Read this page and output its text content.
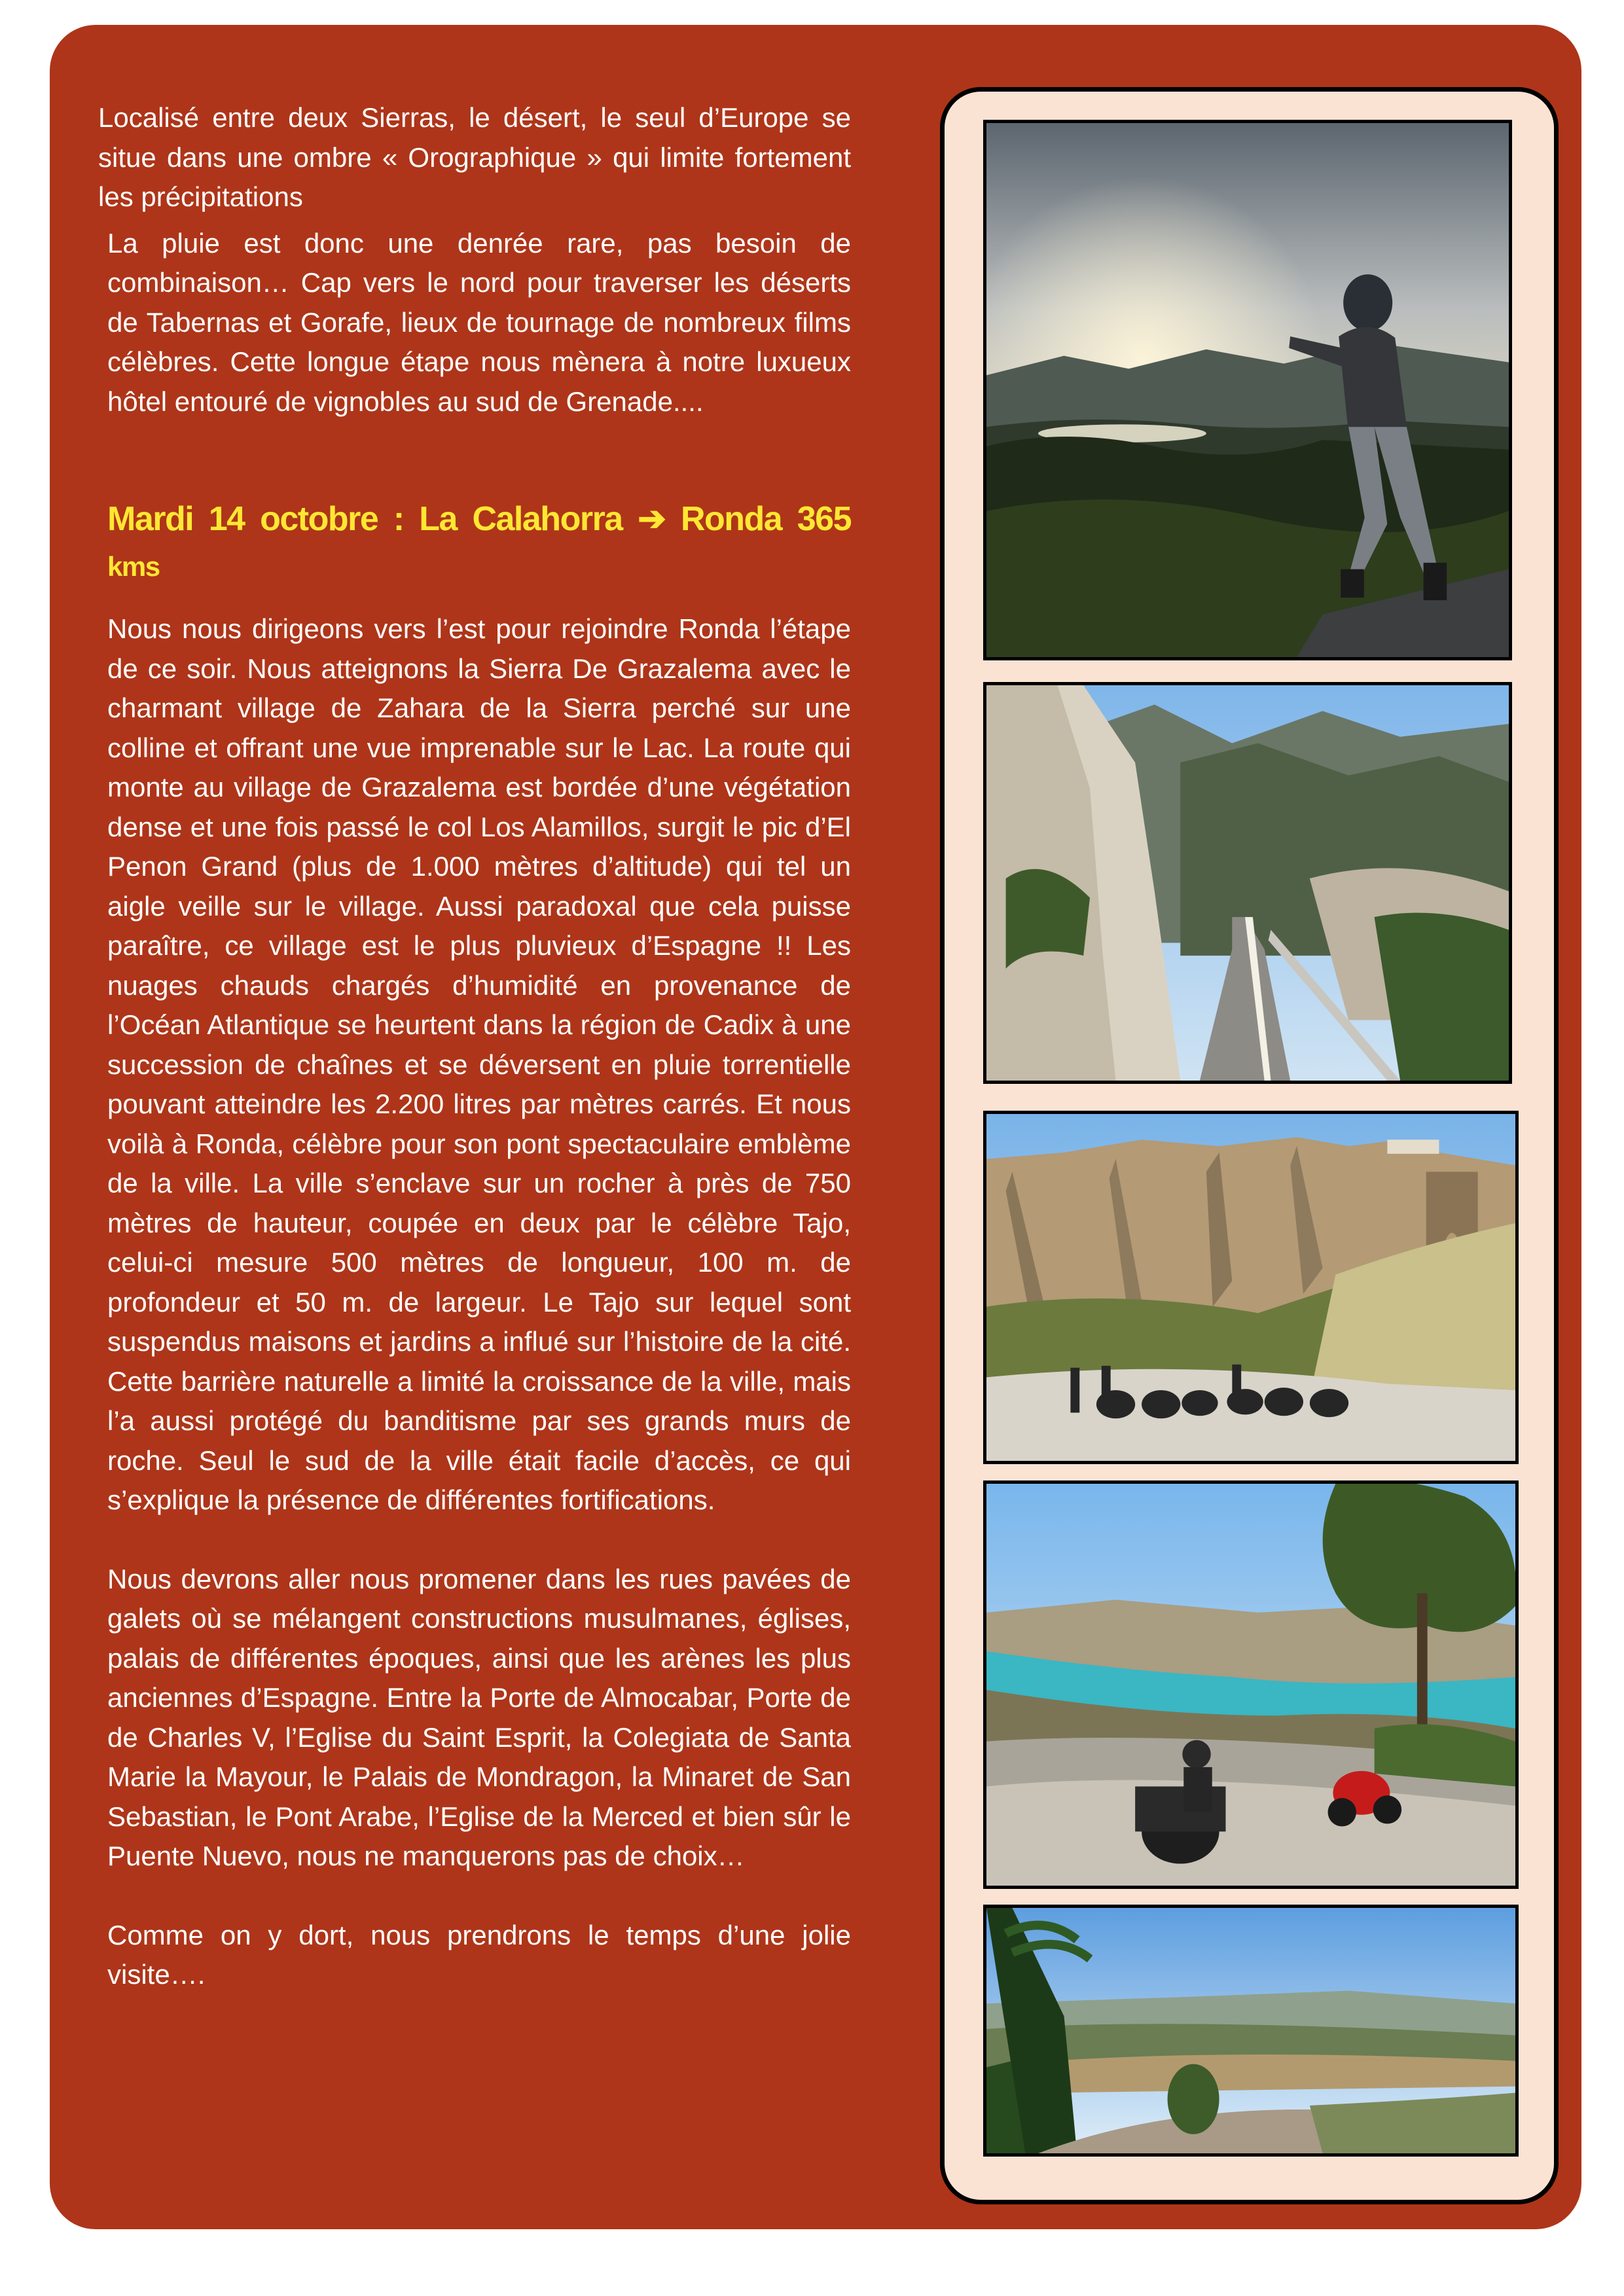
Localisé entre deux Sierras, le désert, le seul d’Europe se situe dans une ombre « Orographique » qui limite fortement les précipitations

La pluie est donc une denrée rare, pas besoin de combinaison… Cap vers le nord pour traverser les déserts de Tabernas et Gorafe, lieux de tournage de nombreux films célèbres. Cette longue étape nous mènera à notre luxueux hôtel entouré de vignobles au sud de Grenade....

Mardi 14 octobre : La Calahorra ➔ Ronda 365 kms

Nous nous dirigeons vers l’est pour rejoindre Ronda l’étape de ce soir. Nous atteignons la Sierra De Grazalema avec le charmant village de Zahara de la Sierra perché sur une colline et offrant une vue imprenable sur le Lac. La route qui monte au village de Grazalema est bordée d’une végétation dense et une fois passé le col Los Alamillos, surgit le pic d’El Penon Grand (plus de 1.000 mètres d’altitude) qui tel un aigle veille sur le village. Aussi paradoxal que cela puisse paraître, ce village est le plus pluvieux d’Espagne !! Les nuages chauds chargés d’humidité en provenance de l’Océan Atlantique se heurtent dans la région de Cadix à une succession de chaînes et se déversent en pluie torrentielle pouvant atteindre les 2.200 litres par mètres carrés. Et nous voilà à Ronda, célèbre pour son pont spectaculaire emblème de la ville. La ville s’enclave sur un rocher à près de 750 mètres de hauteur, coupée en deux par le célèbre Tajo, celui-ci mesure 500 mètres de longueur, 100 m. de profondeur et 50 m. de largeur. Le Tajo sur lequel sont suspendus maisons et jardins a influé sur l’histoire de la cité. Cette barrière naturelle a limité la croissance de la ville, mais l’a aussi protégé du banditisme par ses grands murs de roche. Seul le sud de la ville était facile d’accès, ce qui s’explique la présence de différentes fortifications.

Nous devrons aller nous promener dans les rues pavées de galets où se mélangent constructions musulmanes, églises, palais de différentes époques, ainsi que les arènes les plus anciennes d’Espagne. Entre la Porte de Almocabar, Porte de de Charles V, l’Eglise du Saint Esprit, la Colegiata de Santa Marie la Mayour, le Palais de Mondragon, la Minaret de San Sebastian, le Pont Arabe, l’Eglise de la Merced et bien sûr le Puente Nuevo, nous ne manquerons pas de choix…

Comme on y dort, nous prendrons le temps d’une jolie visite….
